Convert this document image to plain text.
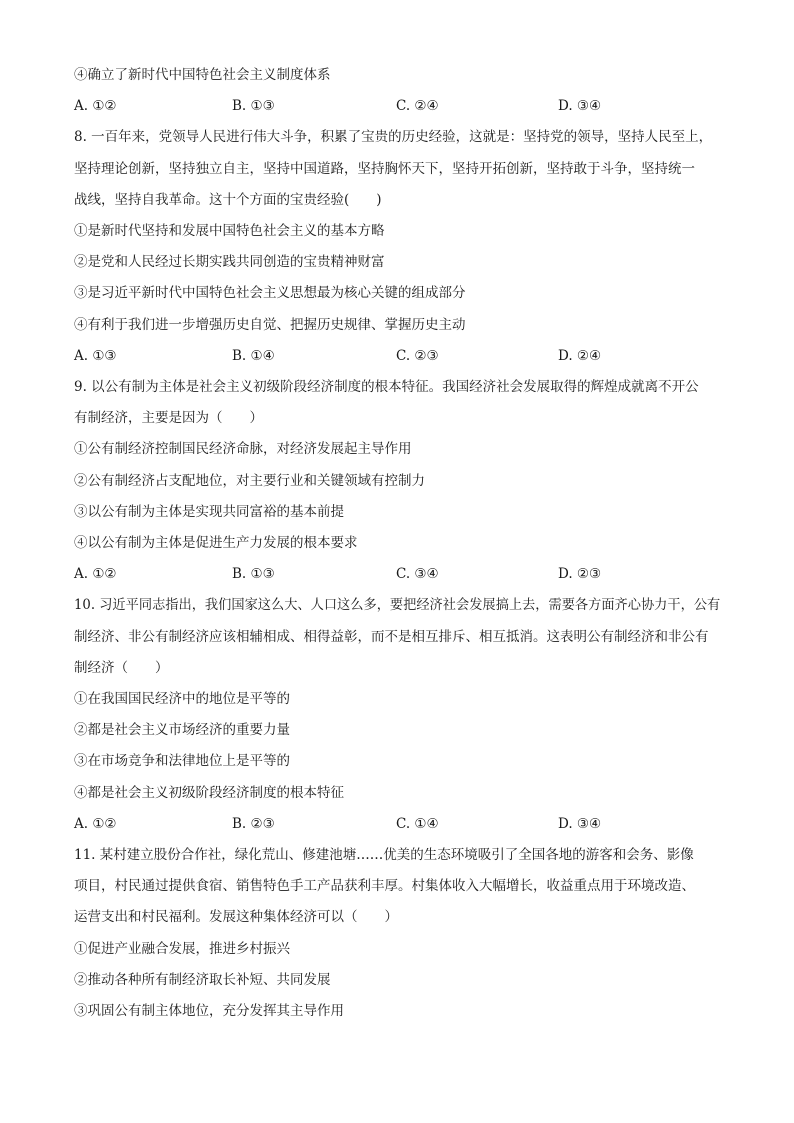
④确立了新时代中国特色社会主义制度体系
A. ①②	B. ①③	C. ②④	D. ③④
8. 一百年来，党领导人民进行伟大斗争，积累了宝贵的历史经验，这就是：坚持党的领导，坚持人民至上，
坚持理论创新，坚持独立自主，坚持中国道路，坚持胸怀天下，坚持开拓创新，坚持敢于斗争，坚持统一
战线，坚持自我革命。这十个方面的宝贵经验(　　)
①是新时代坚持和发展中国特色社会主义的基本方略
②是党和人民经过长期实践共同创造的宝贵精神财富
③是习近平新时代中国特色社会主义思想最为核心关键的组成部分
④有利于我们进一步增强历史自觉、把握历史规律、掌握历史主动
A. ①③	B. ①④	C. ②③	D. ②④
9. 以公有制为主体是社会主义初级阶段经济制度的根本特征。我国经济社会发展取得的辉煌成就离不开公
有制经济，主要是因为（　　）
①公有制经济控制国民经济命脉，对经济发展起主导作用
②公有制经济占支配地位，对主要行业和关键领域有控制力
③以公有制为主体是实现共同富裕的基本前提
④以公有制为主体是促进生产力发展的根本要求
A. ①②	B. ①③	C. ③④	D. ②③
10. 习近平同志指出，我们国家这么大、人口这么多，要把经济社会发展搞上去，需要各方面齐心协力干，公有
制经济、非公有制经济应该相辅相成、相得益彰，而不是相互排斥、相互抵消。这表明公有制经济和非公有
制经济（　　）
①在我国国民经济中的地位是平等的
②都是社会主义市场经济的重要力量
③在市场竞争和法律地位上是平等的
④都是社会主义初级阶段经济制度的根本特征
A. ①②	B. ②③	C. ①④	D. ③④
11. 某村建立股份合作社，绿化荒山、修建池塘……优美的生态环境吸引了全国各地的游客和会务、影像
项目，村民通过提供食宿、销售特色手工产品获利丰厚。村集体收入大幅增长，收益重点用于环境改造、
运营支出和村民福利。发展这种集体经济可以（　　）
①促进产业融合发展，推进乡村振兴
②推动各种所有制经济取长补短、共同发展
③巩固公有制主体地位，充分发挥其主导作用
